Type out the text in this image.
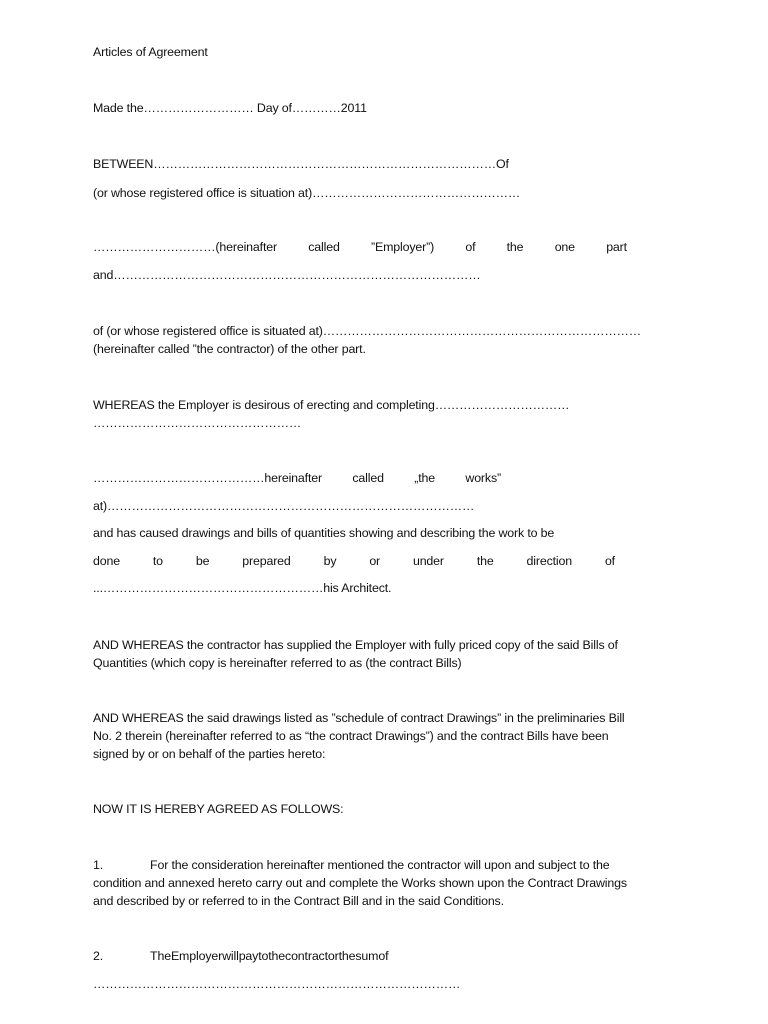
Articles of Agreement
Made the……………………… Day of…………2011
BETWEEN…………………………………………………………………………Of
(or whose registered office is situation at)……………………………………………
…………………………(hereinafter	called	”Employer”)	of	the	one	part
and………………………………………………………………………………
of (or whose registered office is situated at)……………………………………………………………………
(hereinafter called ”the contractor) of the other part.
WHEREAS the Employer is desirous of erecting and completing……………………………
……………………………………………
……………………………………hereinafter called „the works”
at)………………………………………………………………………………
and has caused drawings and bills of quantities showing and describing the work to be
done	to	be	prepared	by	or	under	the	direction	of
...………………………………………………his Architect.
AND WHEREAS the contractor has supplied the Employer with fully priced copy of the said Bills of
Quantities (which copy is hereinafter referred to as (the contract Bills)
AND WHEREAS the said drawings listed as ”schedule of contract Drawings” in the preliminaries Bill
No. 2 therein (hereinafter referred to as “the contract Drawings”) and the contract Bills have been
signed by or on behalf of the parties hereto:
NOW IT IS HEREBY AGREED AS FOLLOWS:
1.	For the consideration hereinafter mentioned the contractor will upon and subject to the
condition and annexed hereto carry out and complete the Works shown upon the Contract Drawings
and described by or referred to in the Contract Bill and in the said Conditions.
2.	TheEmployerwillpaytothecontractorthesumof
………………………………………………………………………………
